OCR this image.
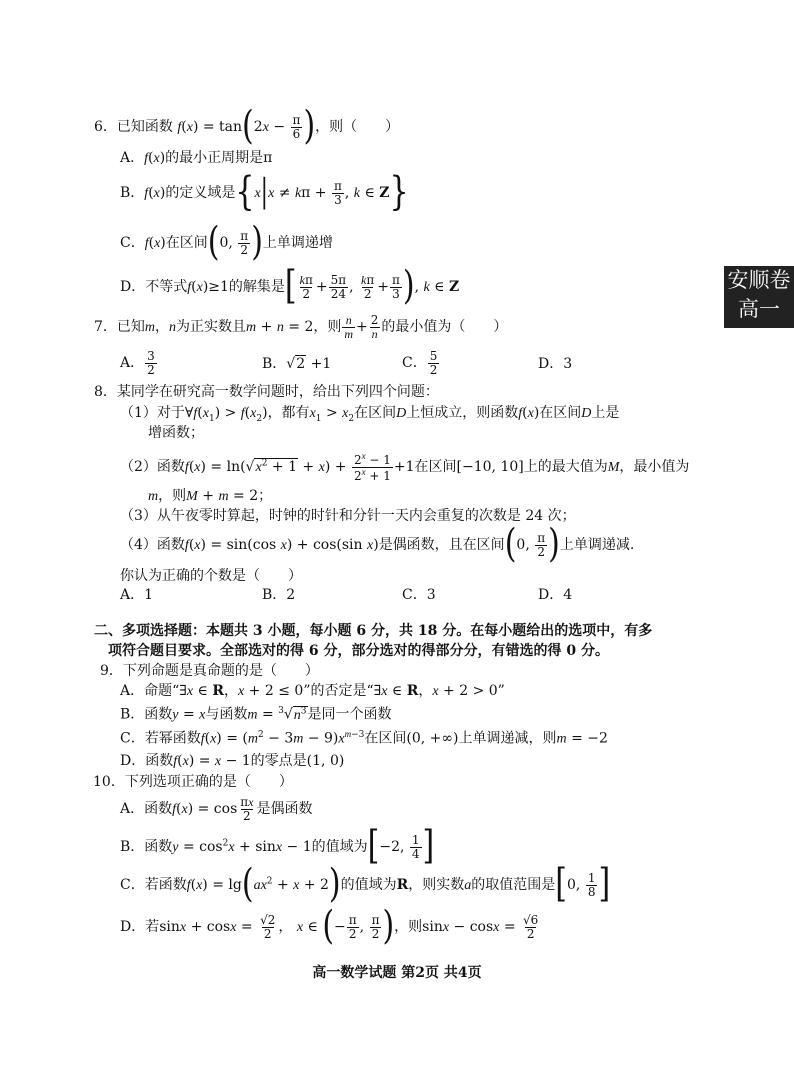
安顺卷
高一
6．已知函数 $f(x) = \tan(2x - \frac{\pi}{6}$ )，则（　　）
A．f(x)的最小正周期是π
B．f(x)的定义域是{$x|x \ne k\pi + \frac{\pi}{3}$ , k ∈ Z}
C．f(x)在区间(0, $\frac{\pi}{2}$ )上单调递增
D．不等式f(x)≥1的解集是[ $\frac{k\pi}{2} + \frac{5\pi}{24}$ , $\frac{k\pi}{2} + \frac{\pi}{3}$ ), k ∈ Z
7．已知m，n为正实数且m + n = 2，则 $\frac{n}{m} + \frac{2}{n}$ 的最小值为（　　）
A． $\frac{3}{2}$	B．√2 +1	C． $\frac{5}{2}$	D．3
8．某同学在研究高一数学问题时，给出下列四个问题：
（1）对于$\forall f(x_1) > f(x_2)$，都有$x_1 > x_2$在区间D上恒成立，则函数f(x)在区间D上是
增函数；
（2）函数$f(x) = \ln(√x^2 + 1 + x) + \frac{2^x - 1}{2^x + 1} +1$在区间[−10, 10]上的最大值为M，最小值为
m，则M + m = 2；
（3）从午夜零时算起，时钟的时针和分针一天内会重复的次数是 24 次；
（4）函数f(x) = sin(cos x) + cos(sin x)是偶函数，且在区间(0, $\frac{\pi}{2}$ )上单调递减.
你认为正确的个数是（　　）
A．1	B．2	C．3	D．4
二、多项选择题：本题共 3 小题，每小题 6 分，共 18 分。在每小题给出的选项中，有多
项符合题目要求。全部选对的得 6 分，部分选对的得部分分，有错选的得 0 分。
9．下列命题是真命题的是（　　）
A．命题“∃x ∈ R，x + 2 ≤ 0”的否定是“∃x ∈ R，x + 2 > 0”
B．函数y = x与函数$m = ^3√n^3$是同一个函数
C．若幂函数$f(x) = (m^2 - 3m - 9)x^{m-3}$在区间(0, +∞)上单调递减，则m = −2
D．函数f(x) = x − 1的零点是(1, 0)
10．下列选项正确的是（　　）
A．函数$f(x) = \cos \frac{\pi x}{2}$ 是偶函数
B．函数$y = \cos^2x + \sin x - 1$的值域为[−2, $\frac{1}{4}$ ]
C．若函数$f(x) = \lg(ax^2 + x + 2)$的值域为R，则实数a的取值范围是[0, $\frac{1}{8}$ ]
D．若$\sin x + \cos x = \frac{√2}{2}$ ， x ∈ (− $\frac{\pi}{2}$ , $\frac{\pi}{2}$ )，则$\sin x - \cos x = \frac{√6}{2}$
高一数学试题 第2页 共4页
